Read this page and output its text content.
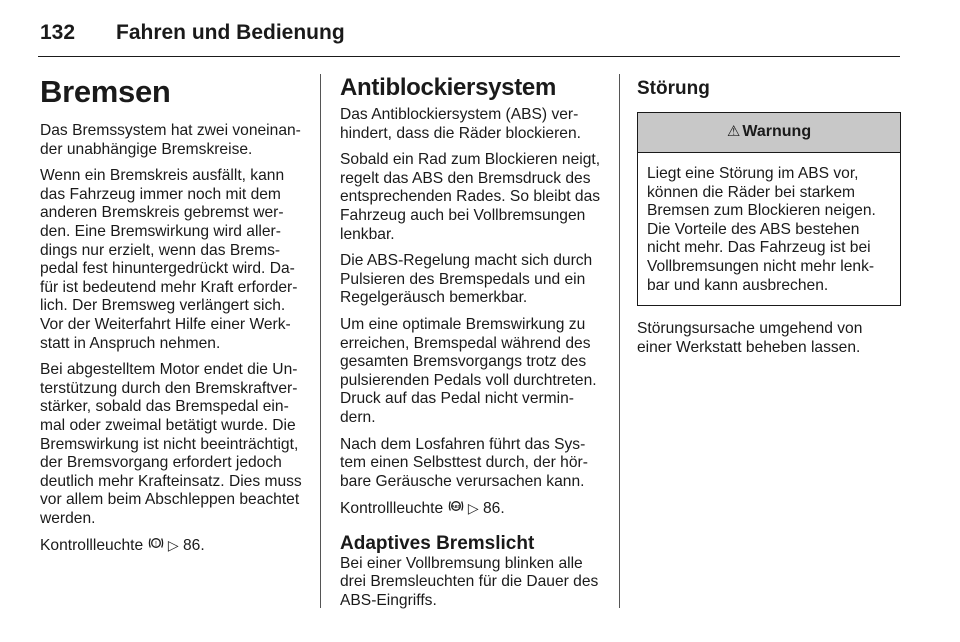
132 Fahren und Bedienung
Bremsen

Das Bremssystem hat zwei voneinan-der unabhängige Bremskreise.

Wenn ein Bremskreis ausfällt, kann das Fahrzeug immer noch mit dem anderen Bremskreis gebremst wer-den. Eine Bremswirkung wird aller-dings nur erzielt, wenn das Brems-pedal fest hinuntergedrückt wird. Da-für ist bedeutend mehr Kraft erforder-lich. Der Bremsweg verlängert sich. Vor der Weiterfahrt Hilfe einer Werk-statt in Anspruch nehmen.

Bei abgestelltem Motor endet die Un-terstützung durch den Bremskraftver-stärker, sobald das Bremspedal ein-mal oder zweimal betätigt wurde. Die Bremswirkung ist nicht beeinträchtigt, der Bremsvorgang erfordert jedoch deutlich mehr Krafteinsatz. Dies muss vor allem beim Abschleppen beachtet werden.

Kontrollleuchte ! ▷ 86.

Antiblockiersystem

Das Antiblockiersystem (ABS) ver-hindert, dass die Räder blockieren.

Sobald ein Rad zum Blockieren neigt, regelt das ABS den Bremsdruck des entsprechenden Rades. So bleibt das Fahrzeug auch bei Vollbremsungen lenkbar.

Die ABS-Regelung macht sich durch Pulsieren des Bremspedals und ein Regelgeräusch bemerkbar.

Um eine optimale Bremswirkung zu erreichen, Bremspedal während des gesamten Bremsvorgangs trotz des pulsierenden Pedals voll durchtreten. Druck auf das Pedal nicht vermin-dern.

Nach dem Losfahren führt das Sys-tem einen Selbsttest durch, der hör-bare Geräusche verursachen kann.

Kontrollleuchte ABS ▷ 86.

Adaptives Bremslicht

Bei einer Vollbremsung blinken alle drei Bremsleuchten für die Dauer des ABS-Eingriffs.

Störung
⚠ Warnung

Liegt eine Störung im ABS vor, können die Räder bei starkem Bremsen zum Blockieren neigen. Die Vorteile des ABS bestehen nicht mehr. Das Fahrzeug ist bei Vollbremsungen nicht mehr lenk-bar und kann ausbrechen.

Störungsursache umgehend von einer Werkstatt beheben lassen.
